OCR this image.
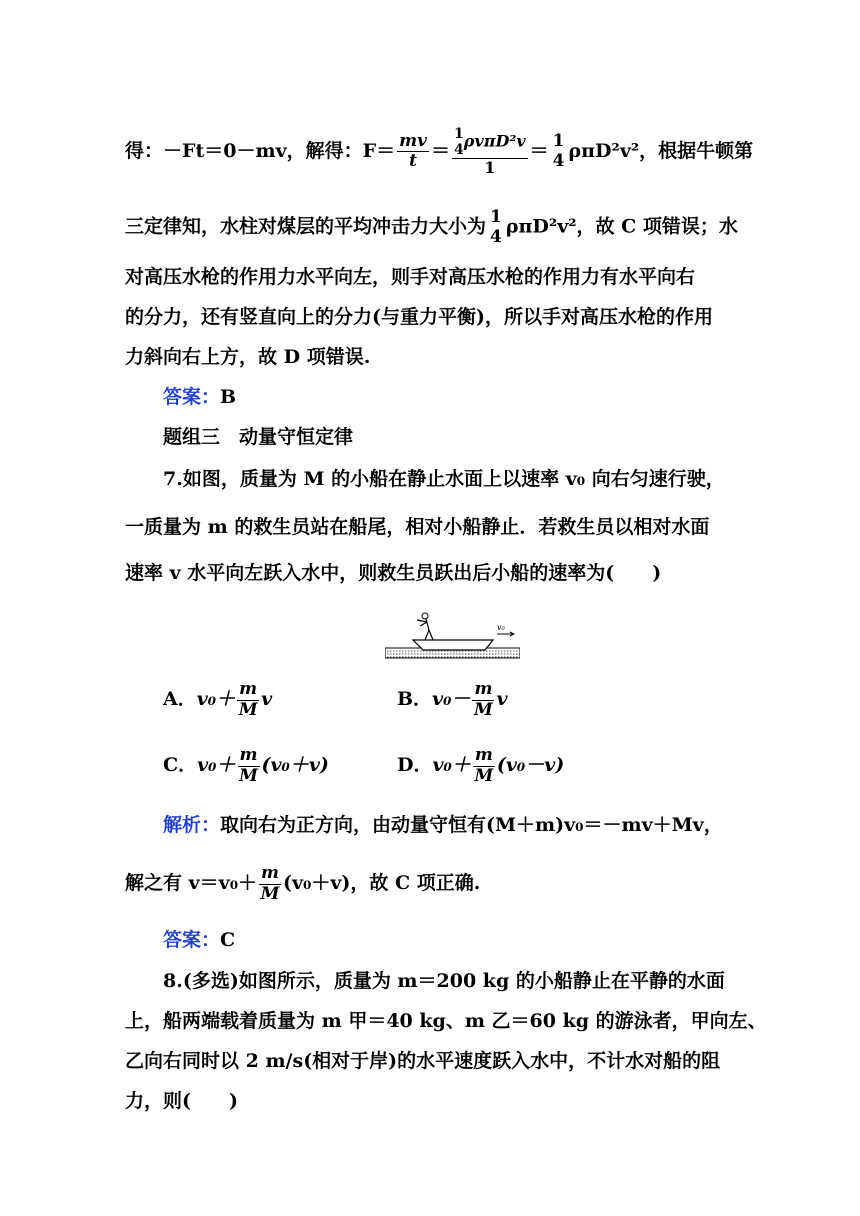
得：－Ft＝0－mv，解得：$F= \frac{mv}{t} = 1$
4 ρvπD²v
1 ＝ 1
4 ρπD²v²，根据牛顿第
三定律知，水柱对煤层的平均冲击力大小为 1
4 ρπD²v²，故 C 项错误；水
对高压水枪的作用力水平向左，则手对高压水枪的作用力有水平向右
的分力，还有竖直向上的分力(与重力平衡)，所以手对高压水枪的作用
力斜向右上方，故 D 项错误.
答案：B
题组三　动量守恒定律
7.如图，质量为 M 的小船在静止水面上以速率 v₀ 向右匀速行驶，
一质量为 m 的救生员站在船尾，相对小船静止．若救生员以相对水面
速率 v 水平向左跃入水中，则救生员跃出后小船的速率为(　　)
v₀
A．$v_0+ \frac{m}{M}$ v	B．$v_0- \frac{m}{M}$ v
C．$v_0+ \frac{m}{M} (v_0+v)$	D．$v_0+ \frac{m}{M} (v_0-v)$
解析：取向右为正方向，由动量守恒有(M＋m)v₀＝－mv＋Mv，
解之有 $v=v_0+ \frac{m}{M} (v_0+v)$，故 C 项正确.
答案：C
8.(多选)如图所示，质量为 m＝200 kg 的小船静止在平静的水面
上，船两端载着质量为 m 甲＝40 kg、m 乙＝60 kg 的游泳者，甲向左、
乙向右同时以 2 m/s(相对于岸)的水平速度跃入水中，不计水对船的阻
力，则(　　)
